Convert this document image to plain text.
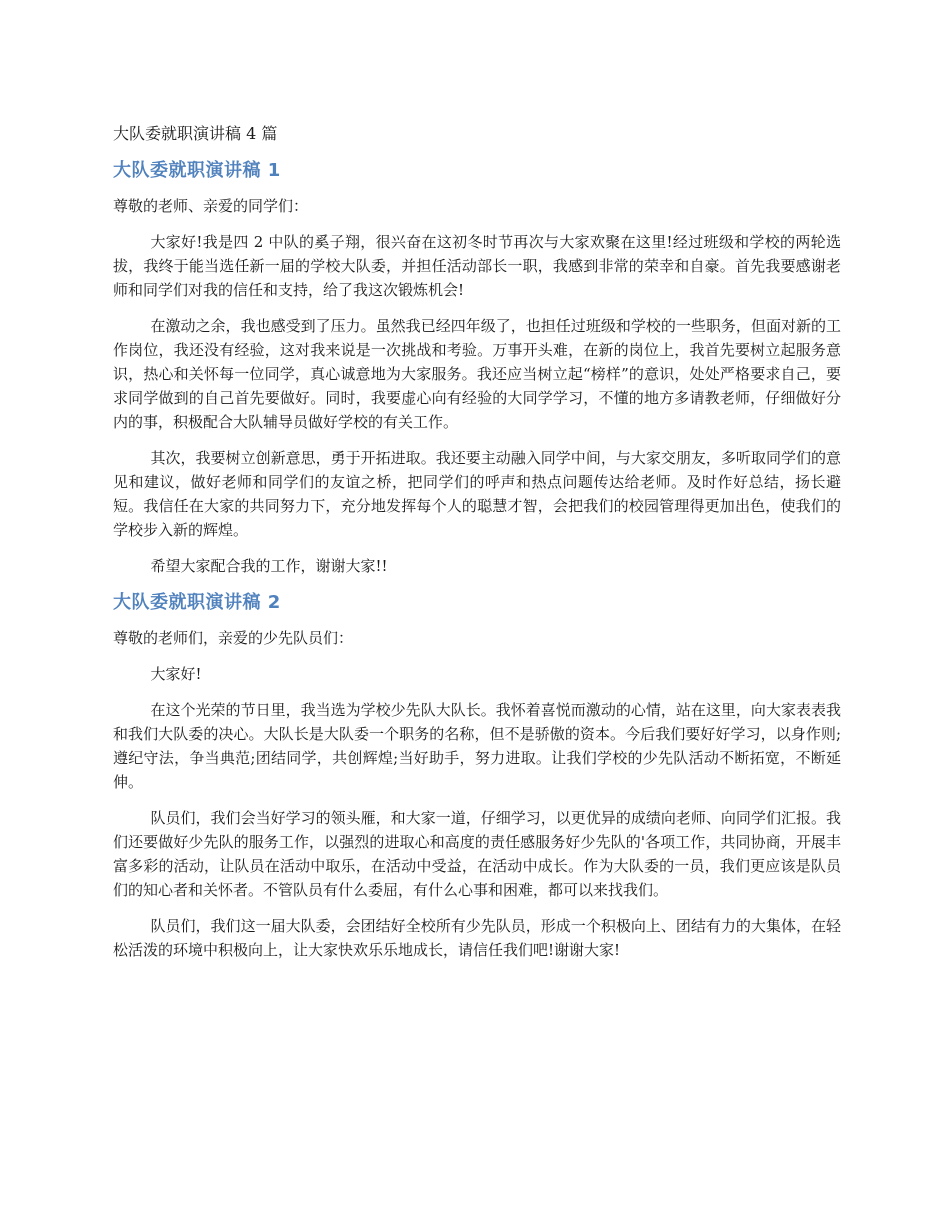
大队委就职演讲稿 4 篇
大队委就职演讲稿 1
尊敬的老师、亲爱的同学们：

大家好!我是四 2 中队的奚子翔，很兴奋在这初冬时节再次与大家欢聚在这里!经过班级和学校的两轮选拔，我终于能当选任新一届的学校大队委，并担任活动部长一职，我感到非常的荣幸和自豪。首先我要感谢老师和同学们对我的信任和支持，给了我这次锻炼机会!

在激动之余，我也感受到了压力。虽然我已经四年级了，也担任过班级和学校的一些职务，但面对新的工作岗位，我还没有经验，这对我来说是一次挑战和考验。万事开头难，在新的岗位上，我首先要树立起服务意识，热心和关怀每一位同学，真心诚意地为大家服务。我还应当树立起“榜样”的意识，处处严格要求自己，要求同学做到的自己首先要做好。同时，我要虚心向有经验的大同学学习，不懂的地方多请教老师，仔细做好分内的事，积极配合大队辅导员做好学校的有关工作。

其次，我要树立创新意思，勇于开拓进取。我还要主动融入同学中间，与大家交朋友，多听取同学们的意见和建议，做好老师和同学们的友谊之桥，把同学们的呼声和热点问题传达给老师。及时作好总结，扬长避短。我信任在大家的共同努力下，充分地发挥每个人的聪慧才智，会把我们的校园管理得更加出色，使我们的学校步入新的辉煌。

希望大家配合我的工作，谢谢大家!!

大队委就职演讲稿 2
尊敬的老师们，亲爱的少先队员们：

大家好!

在这个光荣的节日里，我当选为学校少先队大队长。我怀着喜悦而激动的心情，站在这里，向大家表表我和我们大队委的决心。大队长是大队委一个职务的名称，但不是骄傲的资本。今后我们要好好学习，以身作则;遵纪守法，争当典范;团结同学，共创辉煌;当好助手，努力进取。让我们学校的少先队活动不断拓宽，不断延伸。

队员们，我们会当好学习的领头雁，和大家一道，仔细学习，以更优异的成绩向老师、向同学们汇报。我们还要做好少先队的服务工作，以强烈的进取心和高度的责任感服务好少先队的'各项工作，共同协商，开展丰富多彩的活动，让队员在活动中取乐，在活动中受益，在活动中成长。作为大队委的一员，我们更应该是队员们的知心者和关怀者。不管队员有什么委屈，有什么心事和困难，都可以来找我们。

队员们，我们这一届大队委，会团结好全校所有少先队员，形成一个积极向上、团结有力的大集体，在轻松活泼的环境中积极向上，让大家快欢乐乐地成长，请信任我们吧!谢谢大家!
